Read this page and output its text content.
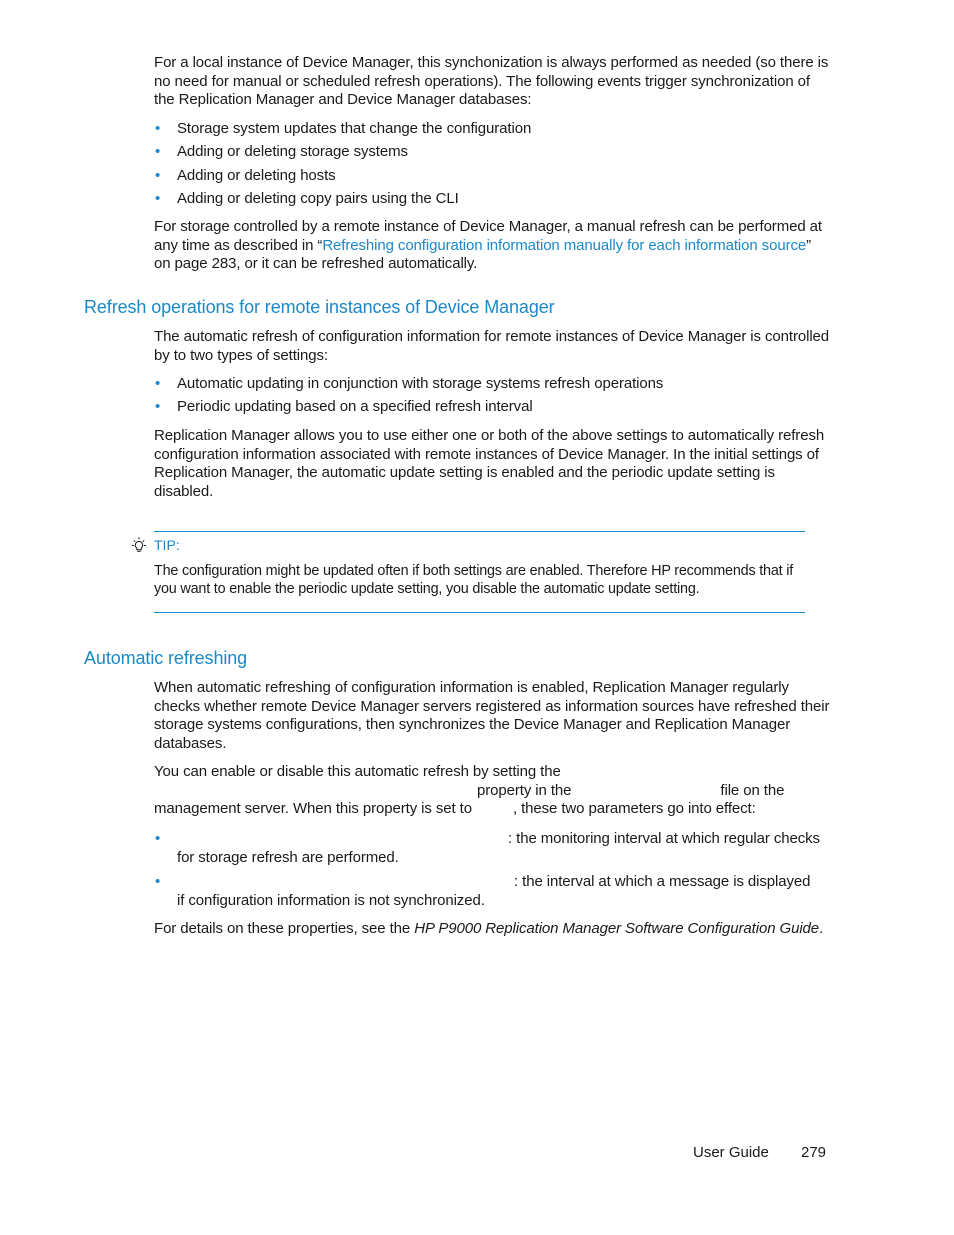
For a local instance of Device Manager, this synchonization is always performed as needed (so there is no need for manual or scheduled refresh operations). The following events trigger synchronization of the Replication Manager and Device Manager databases:

• Storage system updates that change the configuration
• Adding or deleting storage systems
• Adding or deleting hosts
• Adding or deleting copy pairs using the CLI

For storage controlled by a remote instance of Device Manager, a manual refresh can be performed at any time as described in “Refreshing configuration information manually for each information source” on page 283, or it can be refreshed automatically.

Refresh operations for remote instances of Device Manager

The automatic refresh of configuration information for remote instances of Device Manager is controlled by to two types of settings:

• Automatic updating in conjunction with storage systems refresh operations
• Periodic updating based on a specified refresh interval

Replication Manager allows you to use either one or both of the above settings to automatically refresh configuration information associated with remote instances of Device Manager. In the initial settings of Replication Manager, the automatic update setting is enabled and the periodic update setting is disabled.

TIP:

The configuration might be updated often if both settings are enabled. Therefore HP recommends that if you want to enable the periodic update setting, you disable the automatic update setting.

Automatic refreshing

When automatic refreshing of configuration information is enabled, Replication Manager regularly checks whether remote Device Manager servers registered as information sources have refreshed their storage systems configurations, then synchronizes the Device Manager and Replication Manager databases.

You can enable or disable this automatic refresh by setting the
property in the	file on the
management server. When this property is set to	, these two parameters go into effect:

•	: the monitoring interval at which regular checks
for storage refresh are performed.
•	: the interval at which a message is displayed
if configuration information is not synchronized.

For details on these properties, see the HP P9000 Replication Manager Software Configuration Guide.

User Guide 279
